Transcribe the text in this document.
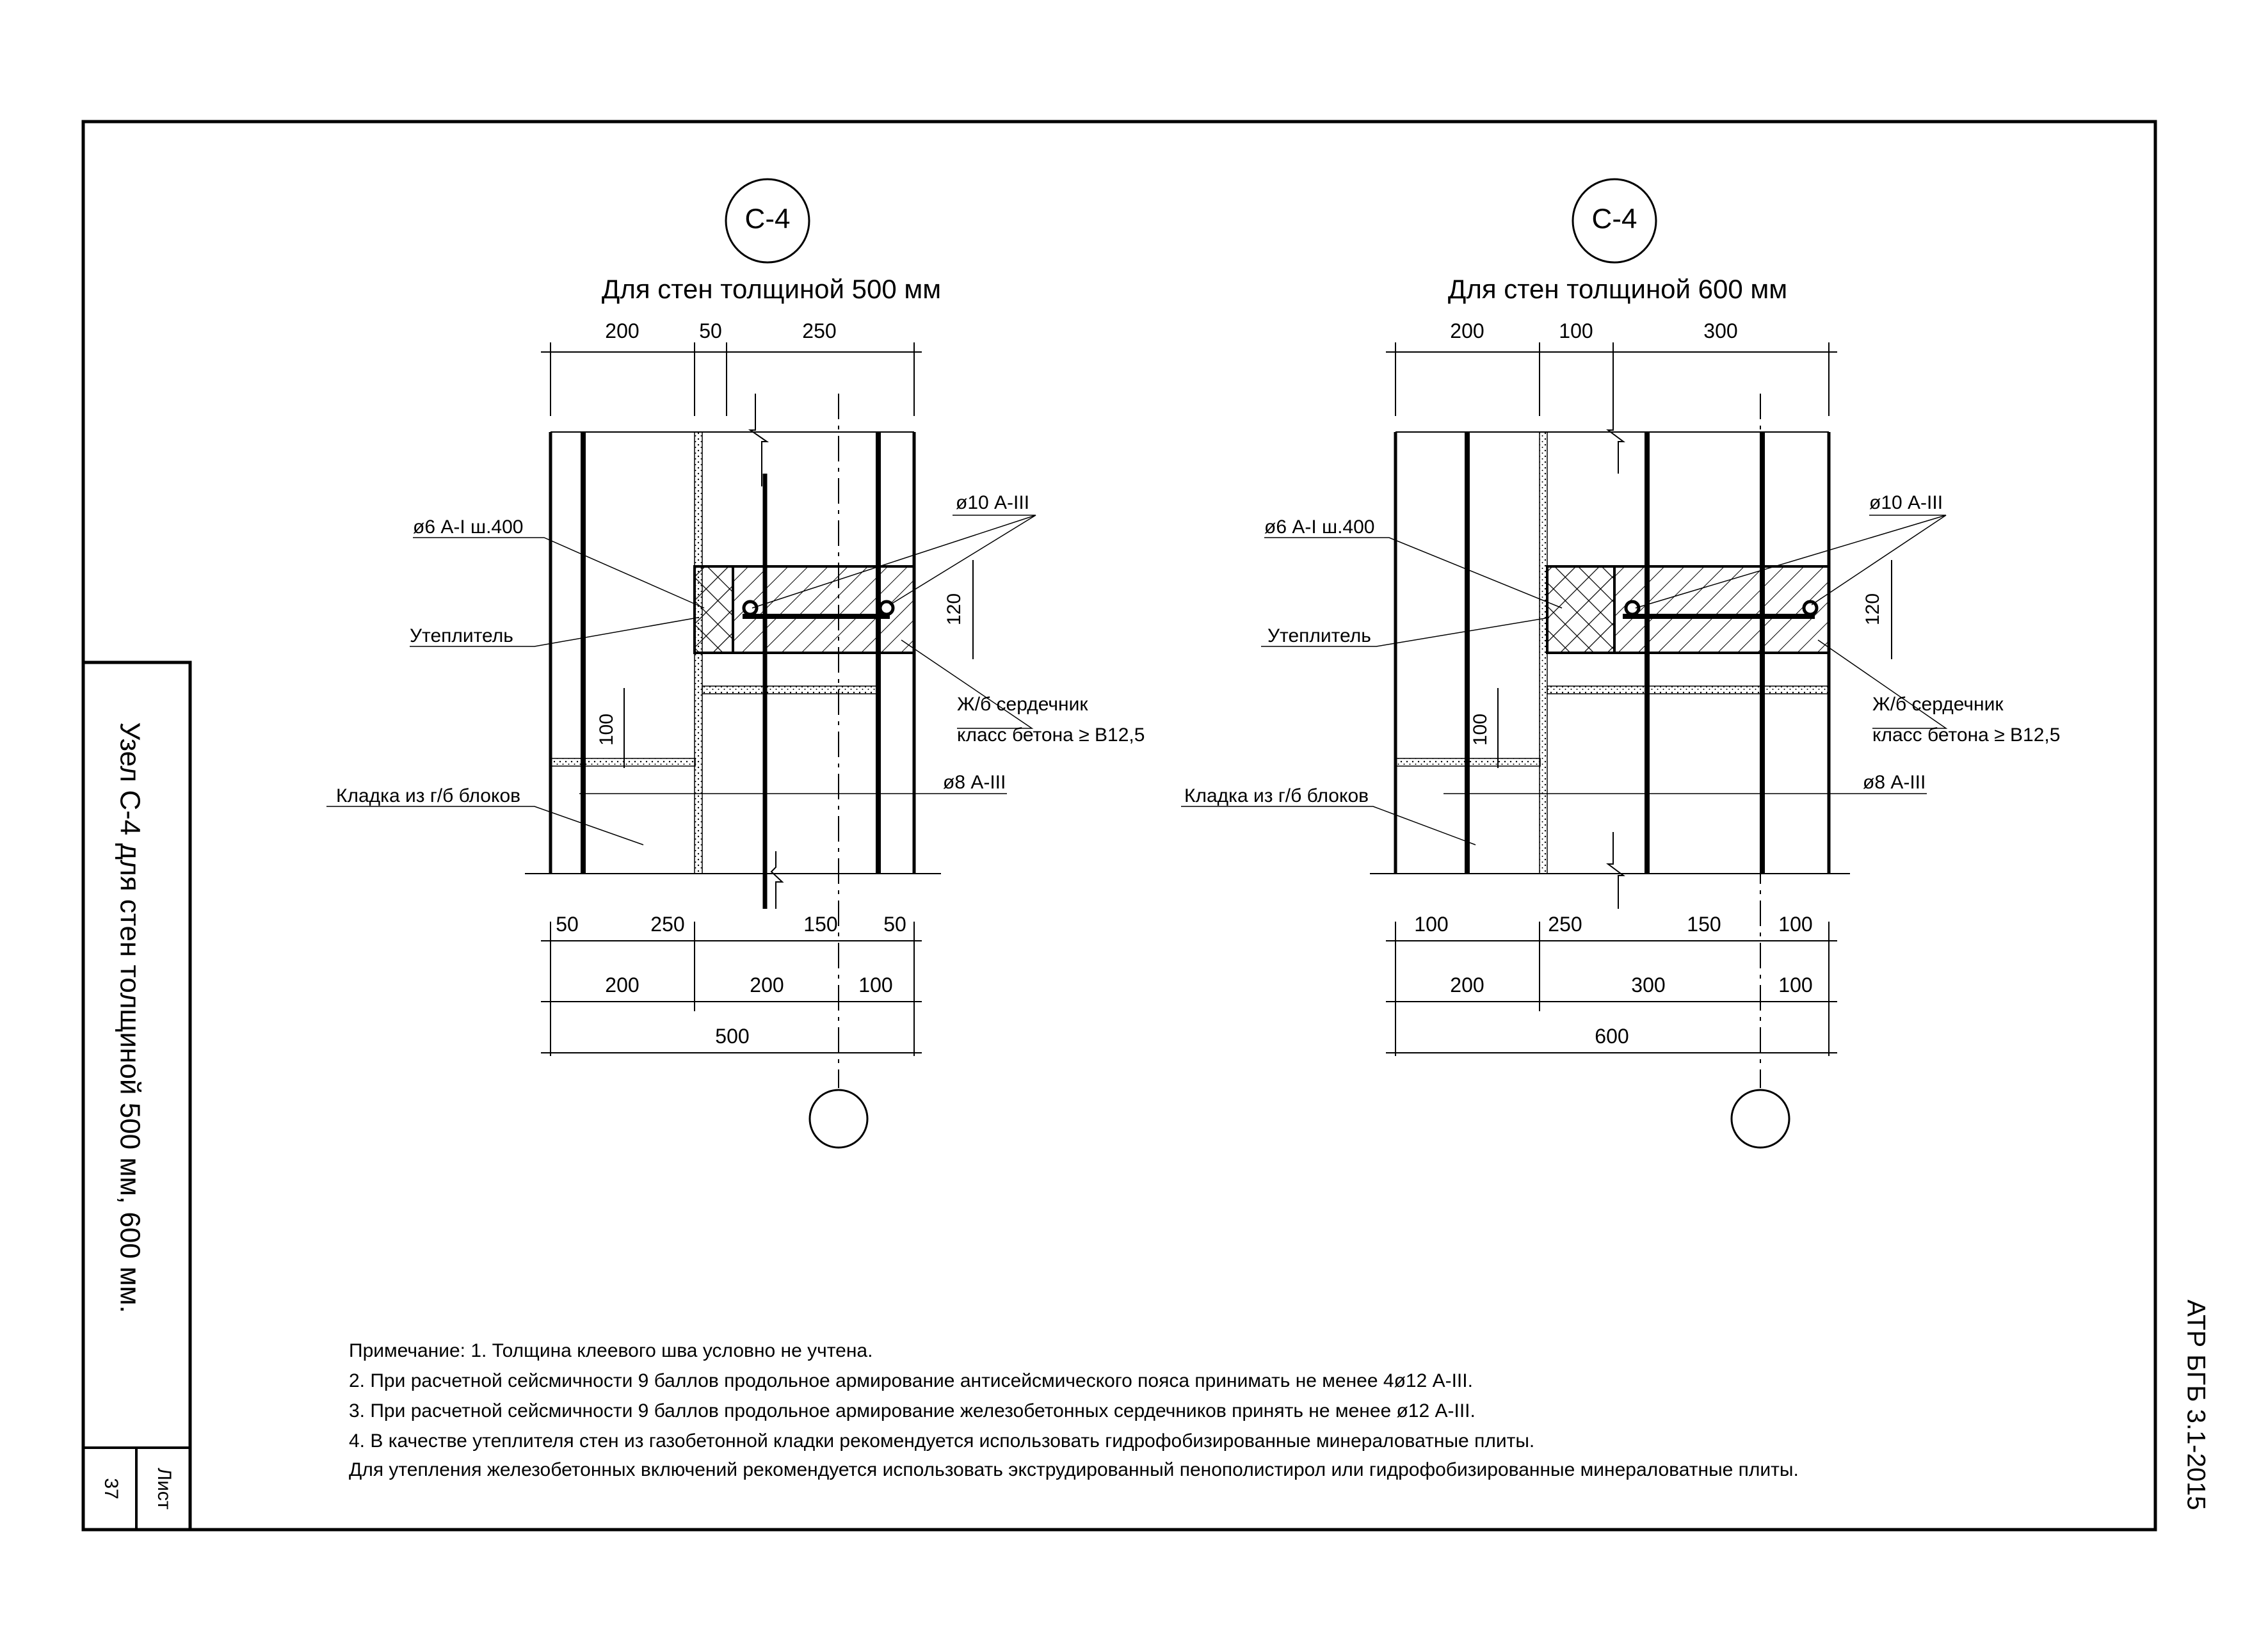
Узел С-4 для стен толщиной 500 мм, 600 мм.
Лист
37	АТР БГБ 3.1-2015
С-4
Для стен толщиной 500 мм
200	50	250
50	250	150 50
200	200	100
500
120
100
ø10 А-III
ø6 А-I ш.400
Утеплитель
Ж/б сердечник
класс бетона ≥ В12,5
Кладка из г/б блоков
ø8 А-III
С-4
Для стен толщиной 600 мм
200	100	300
100	250	150	100
200	300	100
600
120
100
ø10 А-III
ø6 А-I ш.400
Утеплитель
Ж/б сердечник
класс бетона ≥ В12,5
Кладка из г/б блоков
ø8 А-III
Примечание: 1. Толщина клеевого шва условно не учтена.
2. При расчетной сейсмичности 9 баллов продольное армирование антисейсмического пояса принимать не менее 4ø12 А-III.
3. При расчетной сейсмичности 9 баллов продольное армирование железобетонных сердечников принять не менее ø12 А-III.
4. В качестве утеплителя стен из газобетонной кладки рекомендуется использовать гидрофобизированные минераловатные плиты.
Для утепления железобетонных включений рекомендуется использовать экструдированный пенополистирол или гидрофобизированные минераловатные плиты.
